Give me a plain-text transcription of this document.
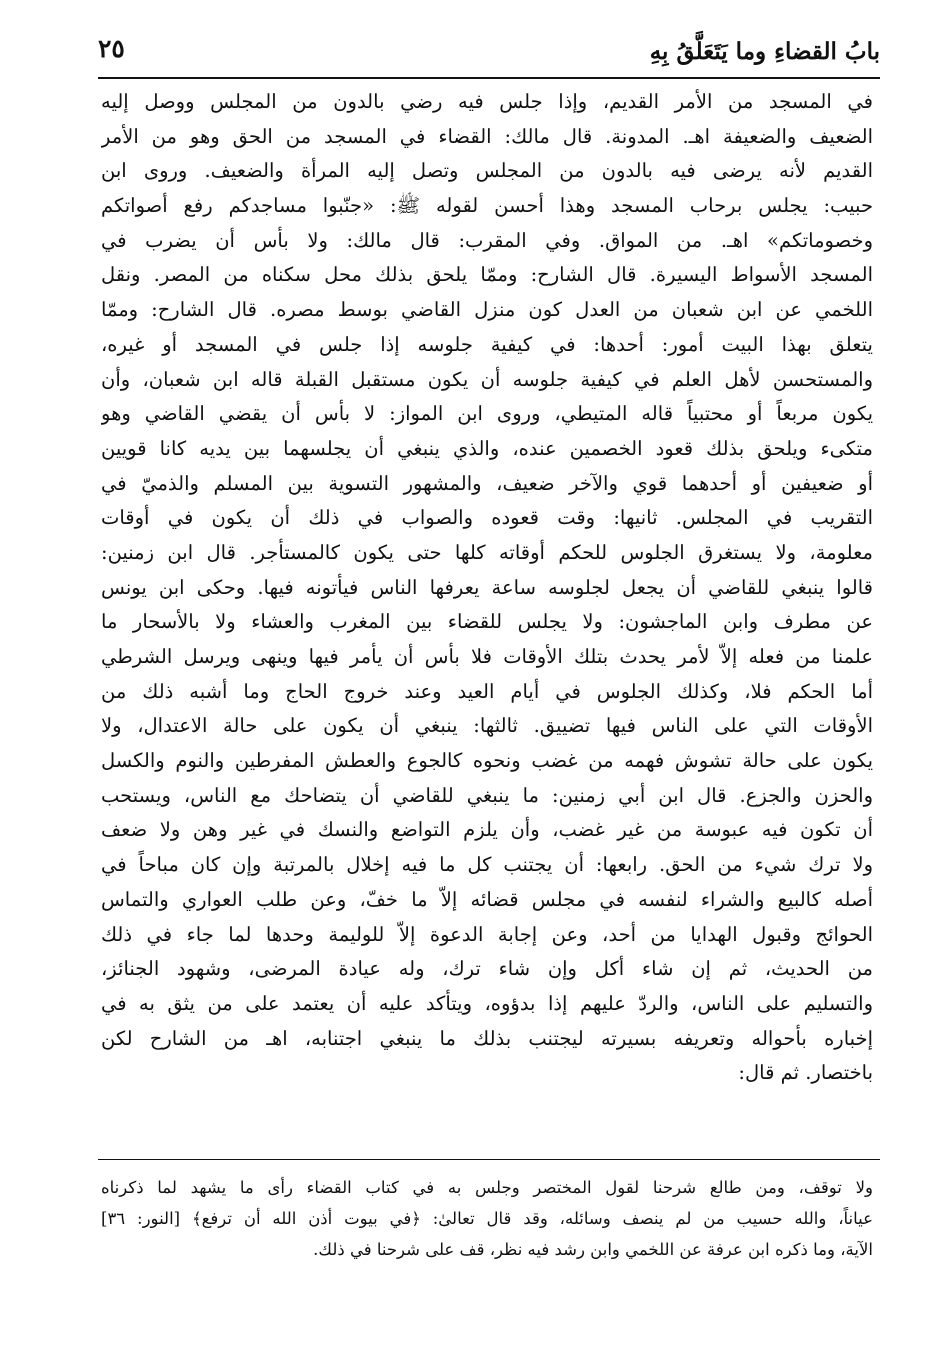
بابُ القضاءِ وما يَتَعَلَّقُ بِهِ
٢٥
في المسجد من الأمر القديم، وإذا جلس فيه رضي بالدون من المجلس ووصل إليه
الضعيف والضعيفة اهـ. المدونة. قال مالك: القضاء في المسجد من الحق وهو من الأمر
القديم لأنه يرضى فيه بالدون من المجلس وتصل إليه المرأة والضعيف. وروى ابن
حبيب: يجلس برحاب المسجد وهذا أحسن لقوله ﷺ: «جنّبوا مساجدكم رفع أصواتكم
وخصوماتكم» اهـ. من المواق. وفي المقرب: قال مالك: ولا بأس أن يضرب في
المسجد الأسواط اليسيرة. قال الشارح: وممّا يلحق بذلك محل سكناه من المصر. ونقل
اللخمي عن ابن شعبان من العدل كون منزل القاضي بوسط مصره. قال الشارح: وممّا
يتعلق بهذا البيت أمور: أحدها: في كيفية جلوسه إذا جلس في المسجد أو غيره،
والمستحسن لأهل العلم في كيفية جلوسه أن يكون مستقبل القبلة قاله ابن شعبان، وأن
يكون مربعاً أو محتبياً قاله المتيطي، وروى ابن المواز: لا بأس أن يقضي القاضي وهو
متكىء ويلحق بذلك قعود الخصمين عنده، والذي ينبغي أن يجلسهما بين يديه كانا قويين
أو ضعيفين أو أحدهما قوي والآخر ضعيف، والمشهور التسوية بين المسلم والذميّ في
التقريب في المجلس. ثانيها: وقت قعوده والصواب في ذلك أن يكون في أوقات
معلومة، ولا يستغرق الجلوس للحكم أوقاته كلها حتى يكون كالمستأجر. قال ابن زمنين:
قالوا ينبغي للقاضي أن يجعل لجلوسه ساعة يعرفها الناس فيأتونه فيها. وحكى ابن يونس
عن مطرف وابن الماجشون: ولا يجلس للقضاء بين المغرب والعشاء ولا بالأسحار ما
علمنا من فعله إلاّ لأمر يحدث بتلك الأوقات فلا بأس أن يأمر فيها وينهى ويرسل الشرطي
أما الحكم فلا، وكذلك الجلوس في أيام العيد وعند خروج الحاج وما أشبه ذلك من
الأوقات التي على الناس فيها تضييق. ثالثها: ينبغي أن يكون على حالة الاعتدال، ولا
يكون على حالة تشوش فهمه من غضب ونحوه كالجوع والعطش المفرطين والنوم والكسل
والحزن والجزع. قال ابن أبي زمنين: ما ينبغي للقاضي أن يتضاحك مع الناس، ويستحب
أن تكون فيه عبوسة من غير غضب، وأن يلزم التواضع والنسك في غير وهن ولا ضعف
ولا ترك شيء من الحق. رابعها: أن يجتنب كل ما فيه إخلال بالمرتبة وإن كان مباحاً في
أصله كالبيع والشراء لنفسه في مجلس قضائه إلاّ ما خفّ، وعن طلب العواري والتماس
الحوائج وقبول الهدايا من أحد، وعن إجابة الدعوة إلاّ للوليمة وحدها لما جاء في ذلك
من الحديث، ثم إن شاء أكل وإن شاء ترك، وله عيادة المرضى، وشهود الجنائز،
والتسليم على الناس، والردّ عليهم إذا بدؤوه، ويتأكد عليه أن يعتمد على من يثق به في
إخباره بأحواله وتعريفه بسيرته ليجتنب بذلك ما ينبغي اجتنابه، اهـ من الشارح لكن
باختصار. ثم قال:
ولا توقف، ومن طالع شرحنا لقول المختصر وجلس به في كتاب القضاء رأى ما يشهد لما ذكرناه
عياناً، والله حسيب من لم ينصف وسائله، وقد قال تعالىٰ: ﴿في بيوت أذن الله أن ترفع﴾ [النور: ٣٦]
الآية، وما ذكره ابن عرفة عن اللخمي وابن رشد فيه نظر، قف على شرحنا في ذلك.
